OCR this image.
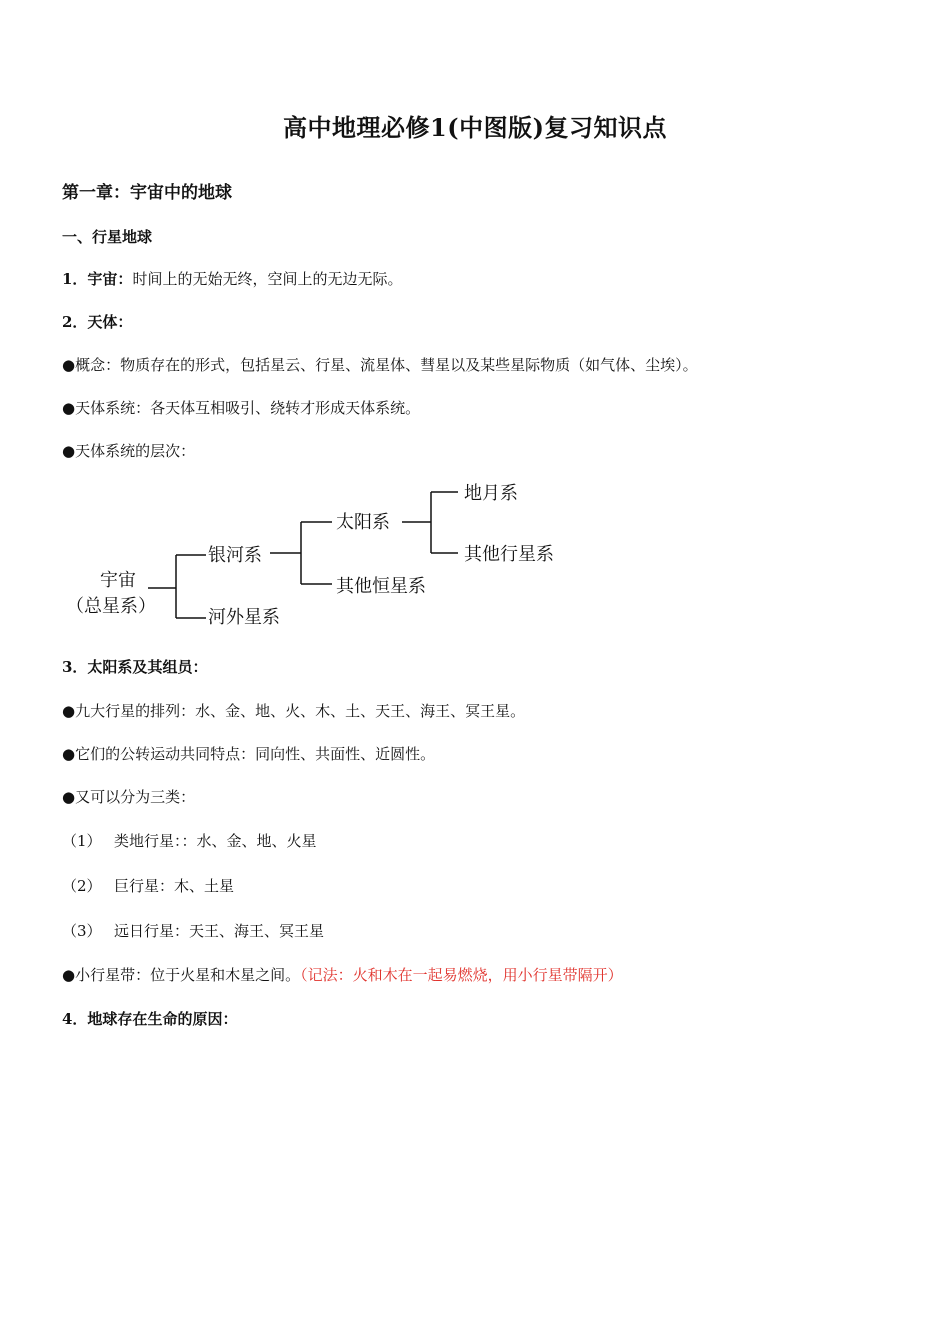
高中地理必修1(中图版)复习知识点
第一章：宇宙中的地球
一、行星地球
1．宇宙：时间上的无始无终，空间上的无边无际。
2．天体：
●概念：物质存在的形式，包括星云、行星、流星体、彗星以及某些星际物质（如气体、尘埃）。
●天体系统：各天体互相吸引、绕转才形成天体系统。
●天体系统的层次：
宇宙
（总星系）
银河系
河外星系
太阳系
其他恒星系
地月系
其他行星系
3．太阳系及其组员：
●九大行星的排列：水、金、地、火、木、土、天王、海王、冥王星。
●它们的公转运动共同特点：同向性、共面性、近圆性。
●又可以分为三类：
（1） 类地行星：：水、金、地、火星
（2） 巨行星：木、土星
（3） 远日行星：天王、海王、冥王星
●小行星带：位于火星和木星之间。（记法：火和木在一起易燃烧，用小行星带隔开）
4．地球存在生命的原因：
